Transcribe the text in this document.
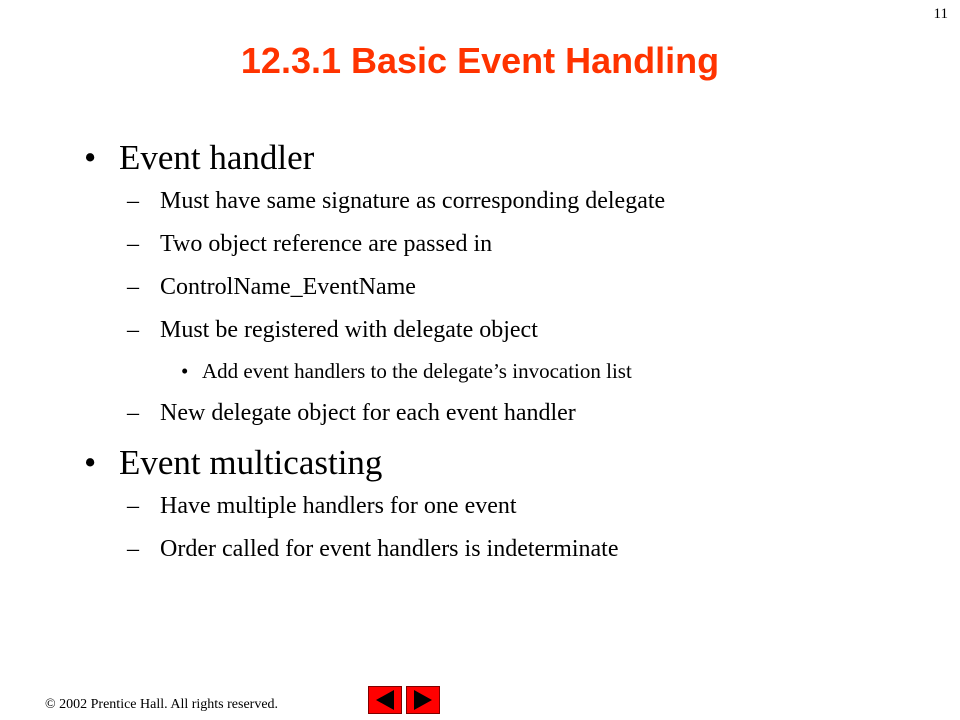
11
12.3.1 Basic Event Handling
• Event handler
– Must have same signature as corresponding delegate
– Two object reference are passed in
– ControlName_EventName
– Must be registered with delegate object
• Add event handlers to the delegate’s invocation list
– New delegate object for each event handler
• Event multicasting
– Have multiple handlers for one event
– Order called for event handlers is indeterminate
© 2002 Prentice Hall. All rights reserved.
